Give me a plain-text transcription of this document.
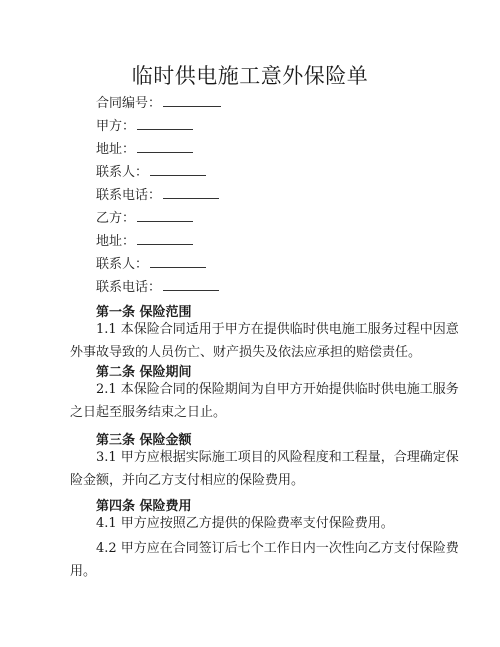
临时供电施工意外保险单
合同编号：
甲方：
地址：
联系人：
联系电话：
乙方：
地址：
联系人：
联系电话：
第一条 保险范围
1.1 本保险合同适用于甲方在提供临时供电施工服务过程中因意
外事故导致的人员伤亡、财产损失及依法应承担的赔偿责任。
第二条 保险期间
2.1 本保险合同的保险期间为自甲方开始提供临时供电施工服务
之日起至服务结束之日止。
第三条 保险金额
3.1 甲方应根据实际施工项目的风险程度和工程量，合理确定保
险金额，并向乙方支付相应的保险费用。
第四条 保险费用
4.1 甲方应按照乙方提供的保险费率支付保险费用。
4.2 甲方应在合同签订后七个工作日内一次性向乙方支付保险费
用。
